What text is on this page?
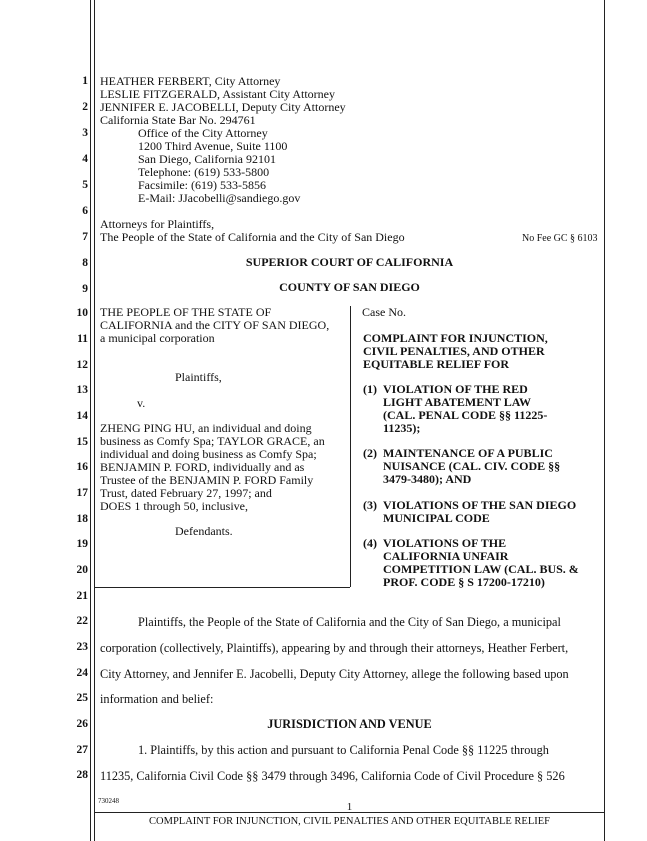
1
2
3
4
5
6
7
8
9
10
11
12
13
14
15
16
17
18
19
20
21
22
23
24
25
26
27
28
HEATHER FERBERT, City Attorney
LESLIE FITZGERALD, Assistant City Attorney
JENNIFER E. JACOBELLI, Deputy City Attorney
California State Bar No. 294761
Office of the City Attorney
1200 Third Avenue, Suite 1100
San Diego, California 92101
Telephone: (619) 533-5800
Facsimile: (619) 533-5856
E-Mail: JJacobelli@sandiego.gov
Attorneys for Plaintiffs,
The People of the State of California and the City of San Diego	No Fee GC § 6103
SUPERIOR COURT OF CALIFORNIA
COUNTY OF SAN DIEGO
THE PEOPLE OF THE STATE OF
CALIFORNIA and the CITY OF SAN DIEGO,
a municipal corporation
Plaintiffs,
v.
ZHENG PING HU, an individual and doing
business as Comfy Spa; TAYLOR GRACE, an
individual and doing business as Comfy Spa;
BENJAMIN P. FORD, individually and as
Trustee of the BENJAMIN P. FORD Family
Trust, dated February 27, 1997; and
DOES 1 through 50, inclusive,
Defendants.
Case No.
COMPLAINT FOR INJUNCTION,
CIVIL PENALTIES, AND OTHER
EQUITABLE RELIEF FOR
(1) VIOLATION OF THE RED
LIGHT ABATEMENT LAW
(CAL. PENAL CODE §§ 11225-
11235);
(2) MAINTENANCE OF A PUBLIC
NUISANCE (CAL. CIV. CODE §§
3479-3480); AND
(3) VIOLATIONS OF THE SAN DIEGO
MUNICIPAL CODE
(4) VIOLATIONS OF THE
CALIFORNIA UNFAIR
COMPETITION LAW (CAL. BUS. &
PROF. CODE § S 17200-17210)
Plaintiffs, the People of the State of California and the City of San Diego, a municipal
corporation (collectively, Plaintiffs), appearing by and through their attorneys, Heather Ferbert,
City Attorney, and Jennifer E. Jacobelli, Deputy City Attorney, allege the following based upon
information and belief:
JURISDICTION AND VENUE
1. Plaintiffs, by this action and pursuant to California Penal Code §§ 11225 through
11235, California Civil Code §§ 3479 through 3496, California Code of Civil Procedure § 526
730248	1
COMPLAINT FOR INJUNCTION, CIVIL PENALTIES AND OTHER EQUITABLE RELIEF
